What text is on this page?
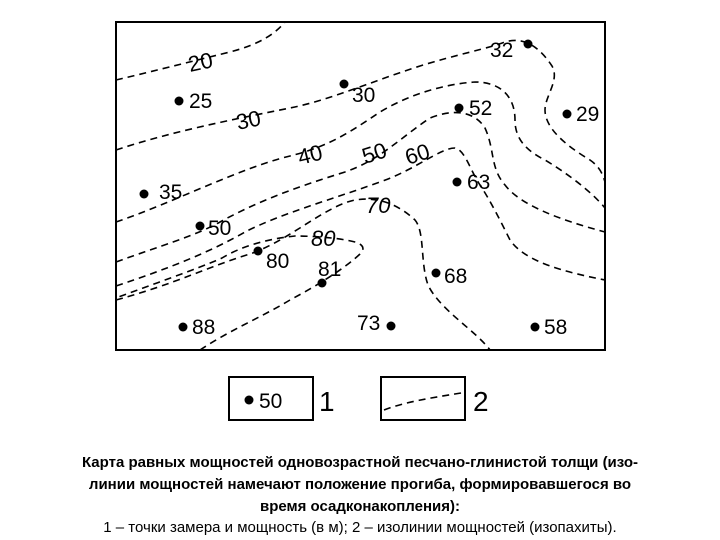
20
30
40 50 60
70
80
25	30
32
52	29
35	63
50
80 81	68
88	73	58
50 1	2
Карта равных мощностей одновозрастной песчано-глинистой толщи (изо-
линии мощностей намечают положение прогиба, формировавшегося во
время осадконакопления):
1 – точки замера и мощность (в м); 2 – изолинии мощностей (изопахиты).
